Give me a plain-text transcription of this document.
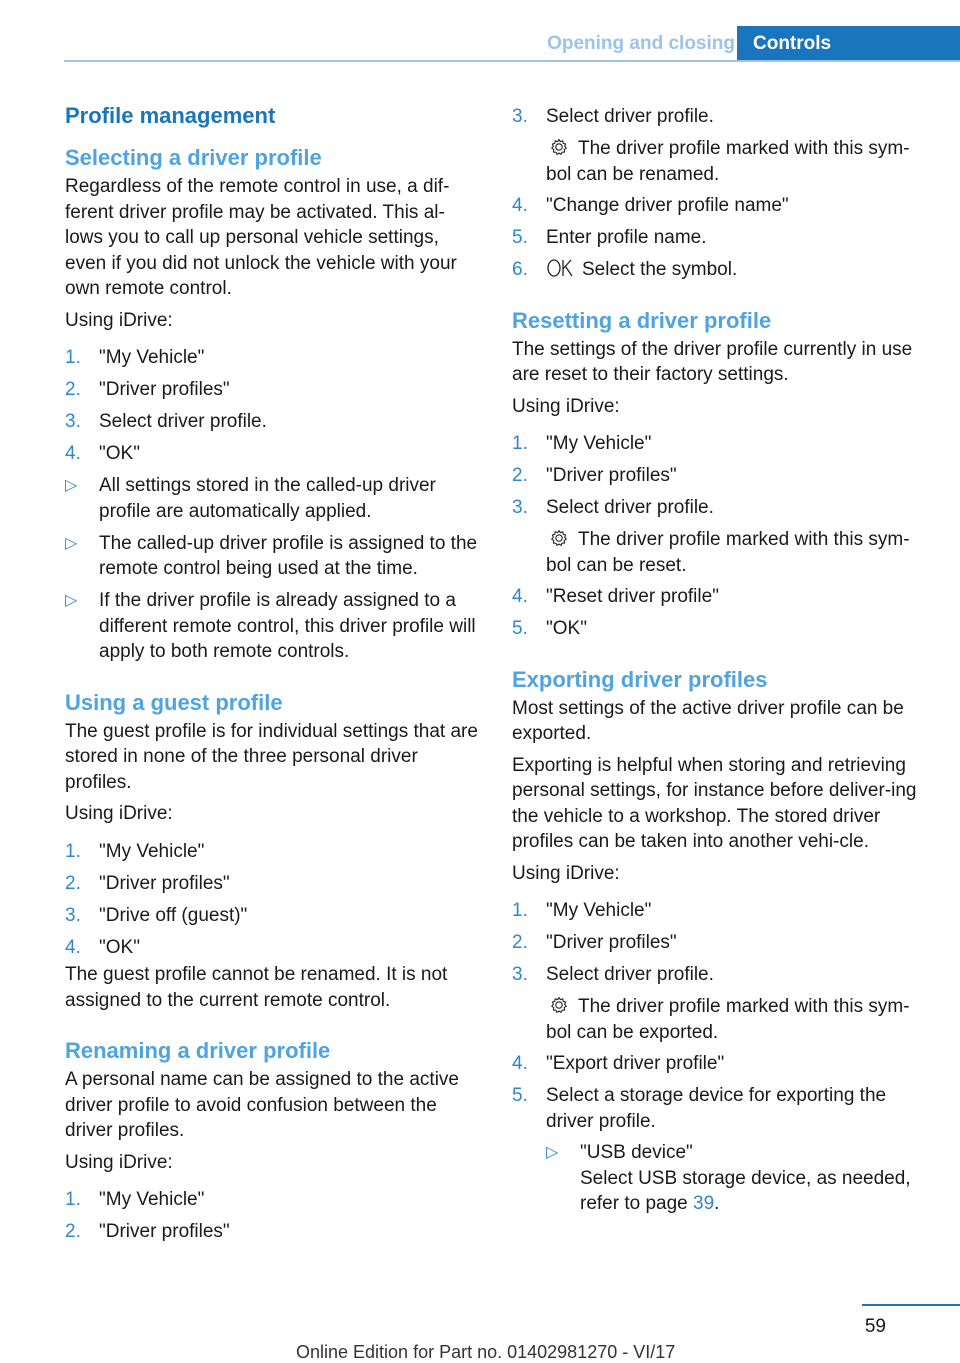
Opening and closing Controls
Profile management
Selecting a driver profile

Regardless of the remote control in use, a dif-ferent driver profile may be activated. This al-lows you to call up personal vehicle settings, even if you did not unlock the vehicle with your own remote control.

Using iDrive:

1. "My Vehicle"
2. "Driver profiles"
3. Select driver profile.
4. "OK"
▷ All settings stored in the called-up driver profile are automatically applied.
▷ The called-up driver profile is assigned to the remote control being used at the time.
▷ If the driver profile is already assigned to a different remote control, this driver profile will apply to both remote controls.
Using a guest profile

The guest profile is for individual settings that are stored in none of the three personal driver profiles.

Using iDrive:

1. "My Vehicle"
2. "Driver profiles"
3. "Drive off (guest)"
4. "OK"

The guest profile cannot be renamed. It is not assigned to the current remote control.

Renaming a driver profile

A personal name can be assigned to the active driver profile to avoid confusion between the driver profiles.

Using iDrive:

1. "My Vehicle"
2. "Driver profiles"
3. Select driver profile.
The driver profile marked with this sym-bol can be renamed.
4. "Change driver profile name"
5. Enter profile name.
6.	Select the symbol.
Resetting a driver profile

The settings of the driver profile currently in use are reset to their factory settings.

Using iDrive:

1. "My Vehicle"
2. "Driver profiles"
3. Select driver profile.
The driver profile marked with this sym-bol can be reset.
4. "Reset driver profile"
5. "OK"
Exporting driver profiles

Most settings of the active driver profile can be exported.

Exporting is helpful when storing and retrieving personal settings, for instance before deliver-ing the vehicle to a workshop. The stored driver profiles can be taken into another vehi-cle.

Using iDrive:

1. "My Vehicle"
2. "Driver profiles"
3. Select driver profile.
The driver profile marked with this sym-bol can be exported.
4. "Export driver profile"
5. Select a storage device for exporting the driver profile.
▷ "USB device"
Select USB storage device, as needed, refer to page 39.
59
Online Edition for Part no. 01402981270 - VI/17
